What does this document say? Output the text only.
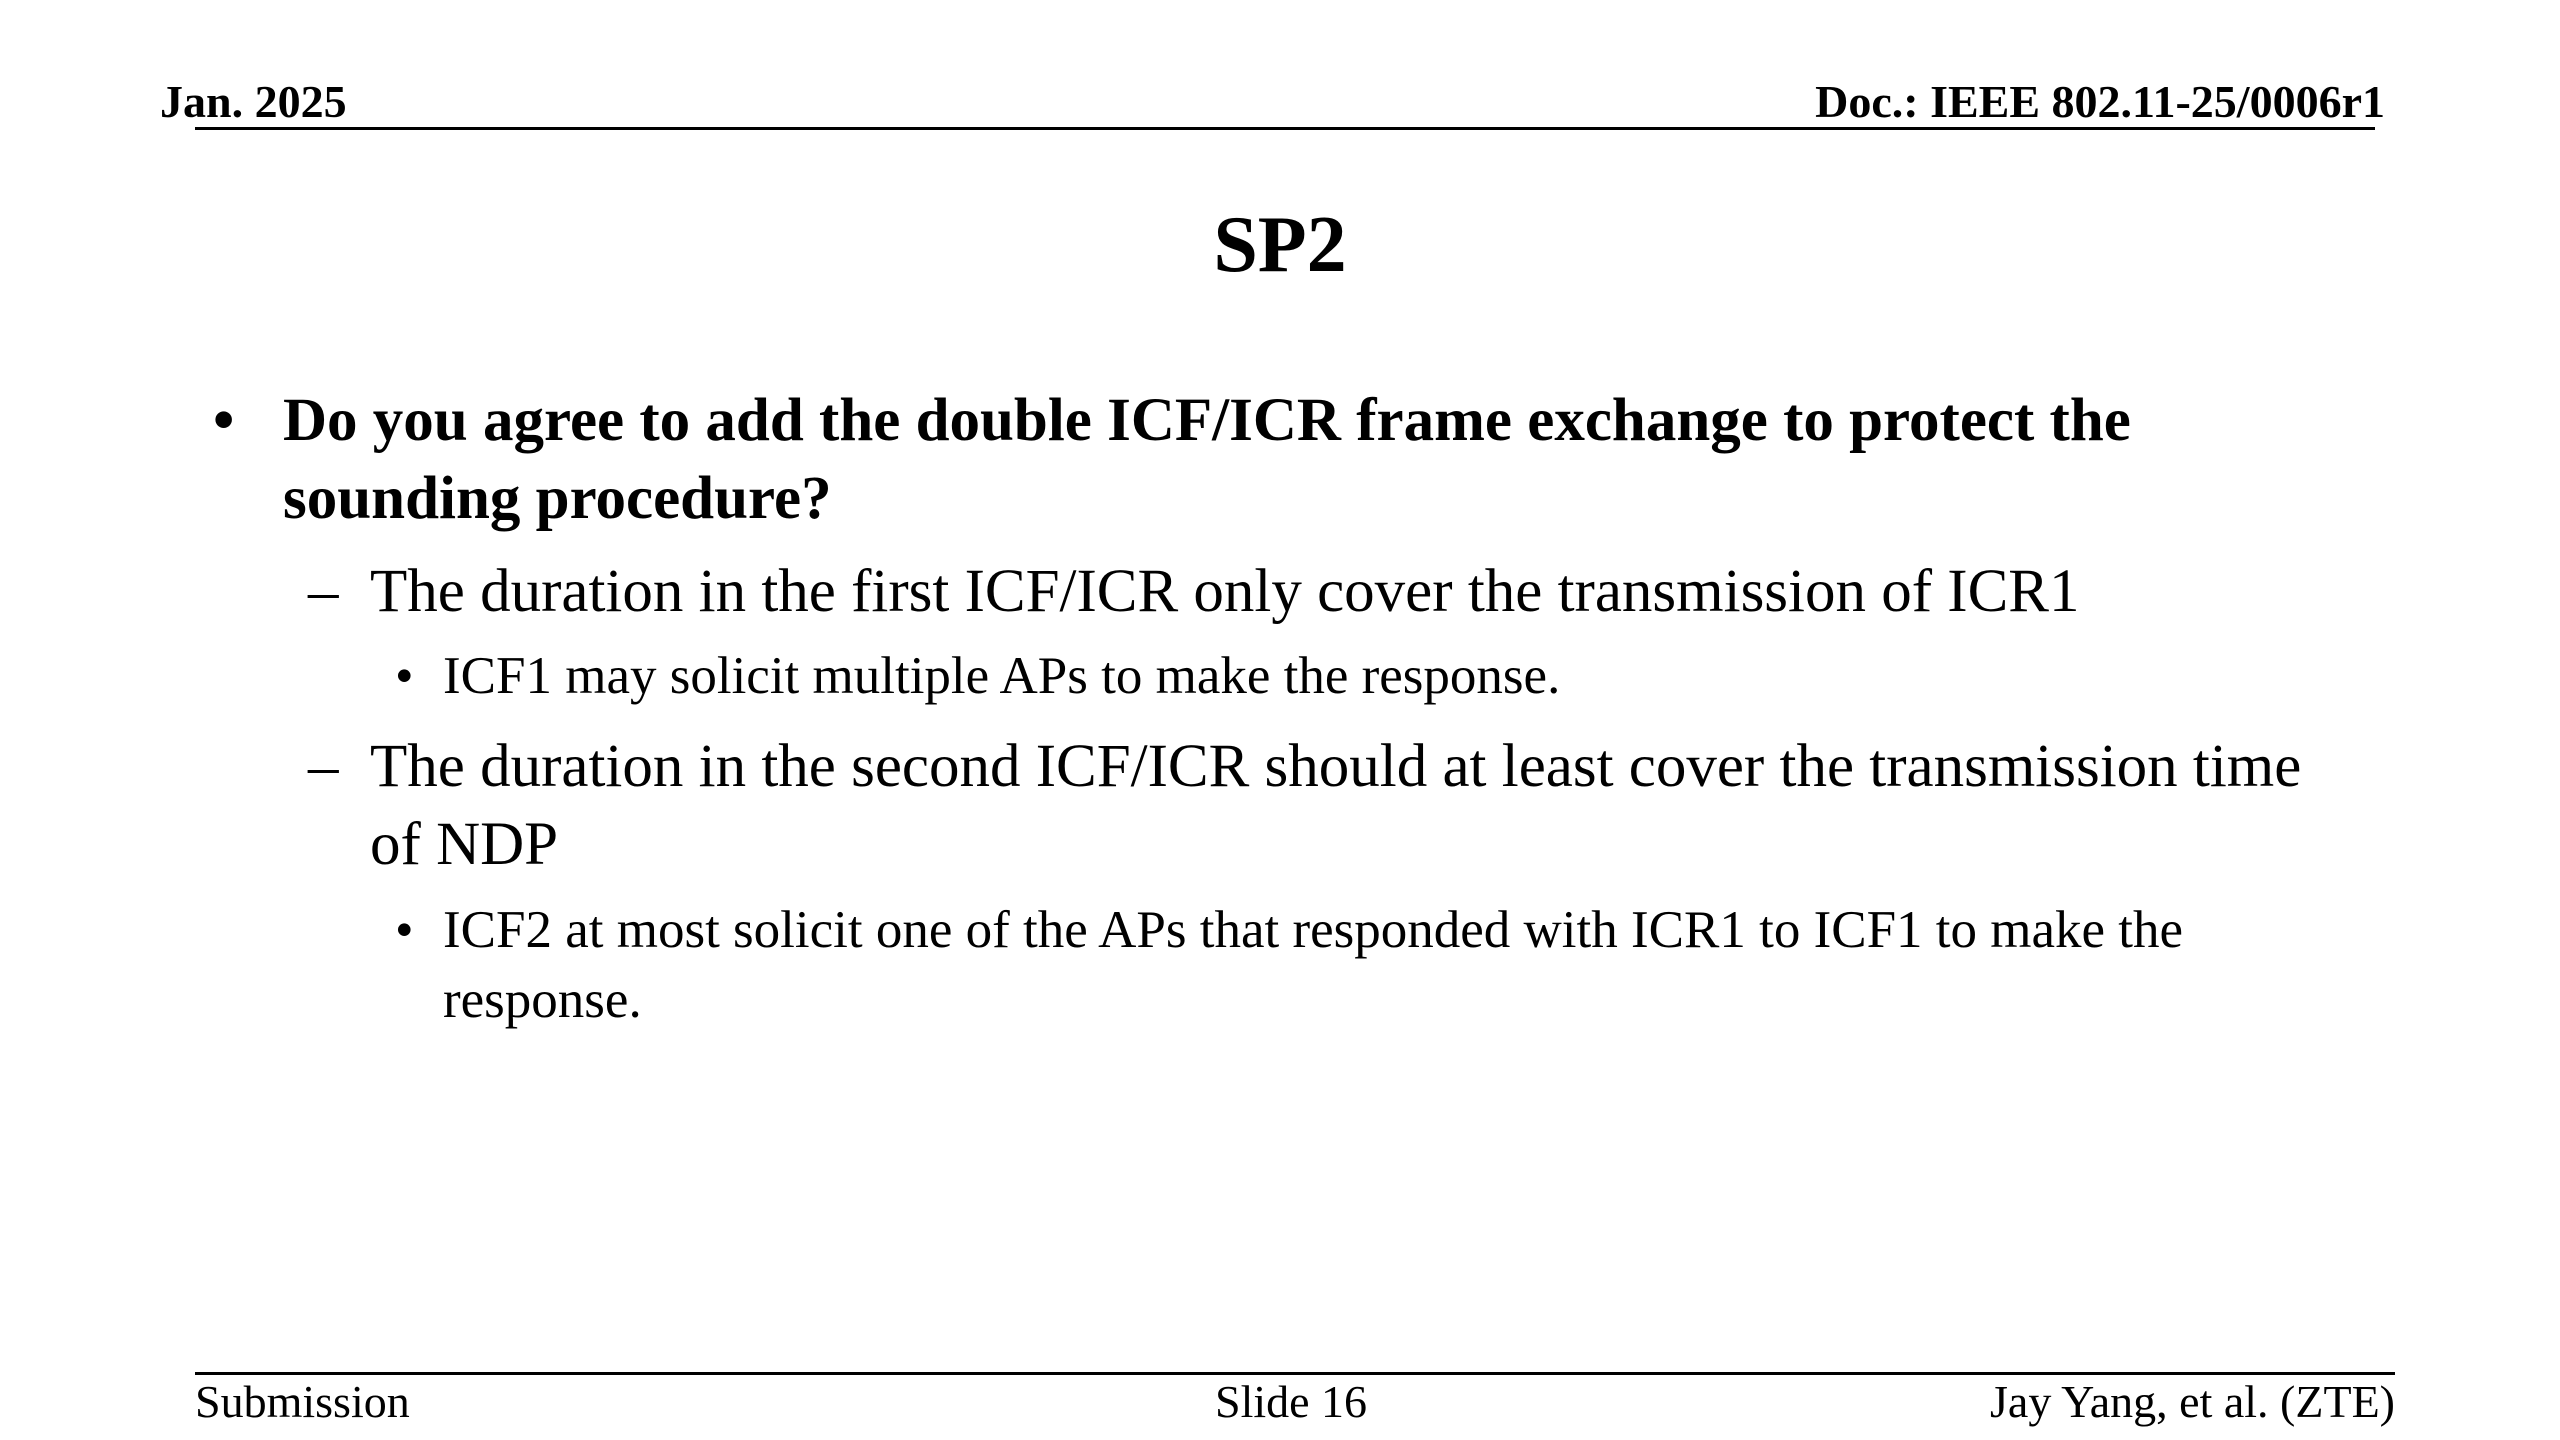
Jan. 2025	Doc.: IEEE 802.11-25/0006r1
SP2
• Do you agree to add the double ICF/ICR frame exchange to protect the sounding procedure?
– The duration in the first ICF/ICR only cover the transmission of ICR1
• ICF1 may solicit multiple APs to make the response.
– The duration in the second ICF/ICR should at least cover the transmission time of NDP
• ICF2 at most solicit one of the APs that responded with ICR1 to ICF1 to make the response.
Submission	Slide 16	Jay Yang, et al. (ZTE)
